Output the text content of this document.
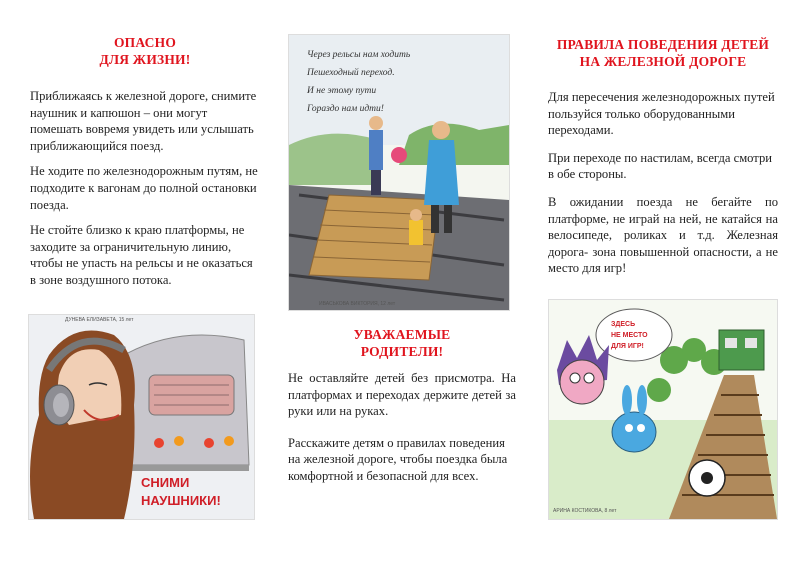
ОПАСНО
ДЛЯ ЖИЗНИ!

Приближаясь к железной дороге, снимите наушник и капюшон – они могут помешать вовремя увидеть или услышать приближающийся поезд.

Не ходите по железнодорожным путям, не подходите к вагонам до полной остановки поезда.

Не стойте близко к краю платформы, не заходите за ограничительную линию, чтобы не упасть на рельсы и не оказаться в зоне воздушного потока.

СНИМИ
НАУШНИКИ!
ДУНЕВА ЕЛИЗАВЕТА, 15 лет
Через рельсы нам ходить
Пешеходный переход.
И не этому пути
Гораздо нам идти!
ИВАСЬКОВА ВИКТОРИЯ, 12 лет
УВАЖАЕМЫЕ
РОДИТЕЛИ!

Не оставляйте детей без присмотра. На платформах и переходах держите детей за руки или на руках.

Расскажите детям о правилах поведения на железной дороге, чтобы поездка была комфортной и безопасной для всех.

ПРАВИЛА ПОВЕДЕНИЯ ДЕТЕЙ
НА ЖЕЛЕЗНОЙ ДОРОГЕ

Для пересечения железнодорожных путей пользуйся только оборудованными переходами.

При переходе по настилам, всегда смотри в обе стороны.

В ожидании поезда не бегайте по платформе, не играй на ней, не катайся на велосипеде, роликах и т.д. Железная дорога- зона повышенной опасности, а не место для игр!

ЗДЕСЬ
НЕ МЕСТО
ДЛЯ ИГР!
АРИНА КОСТИКОВА, 8 лет
